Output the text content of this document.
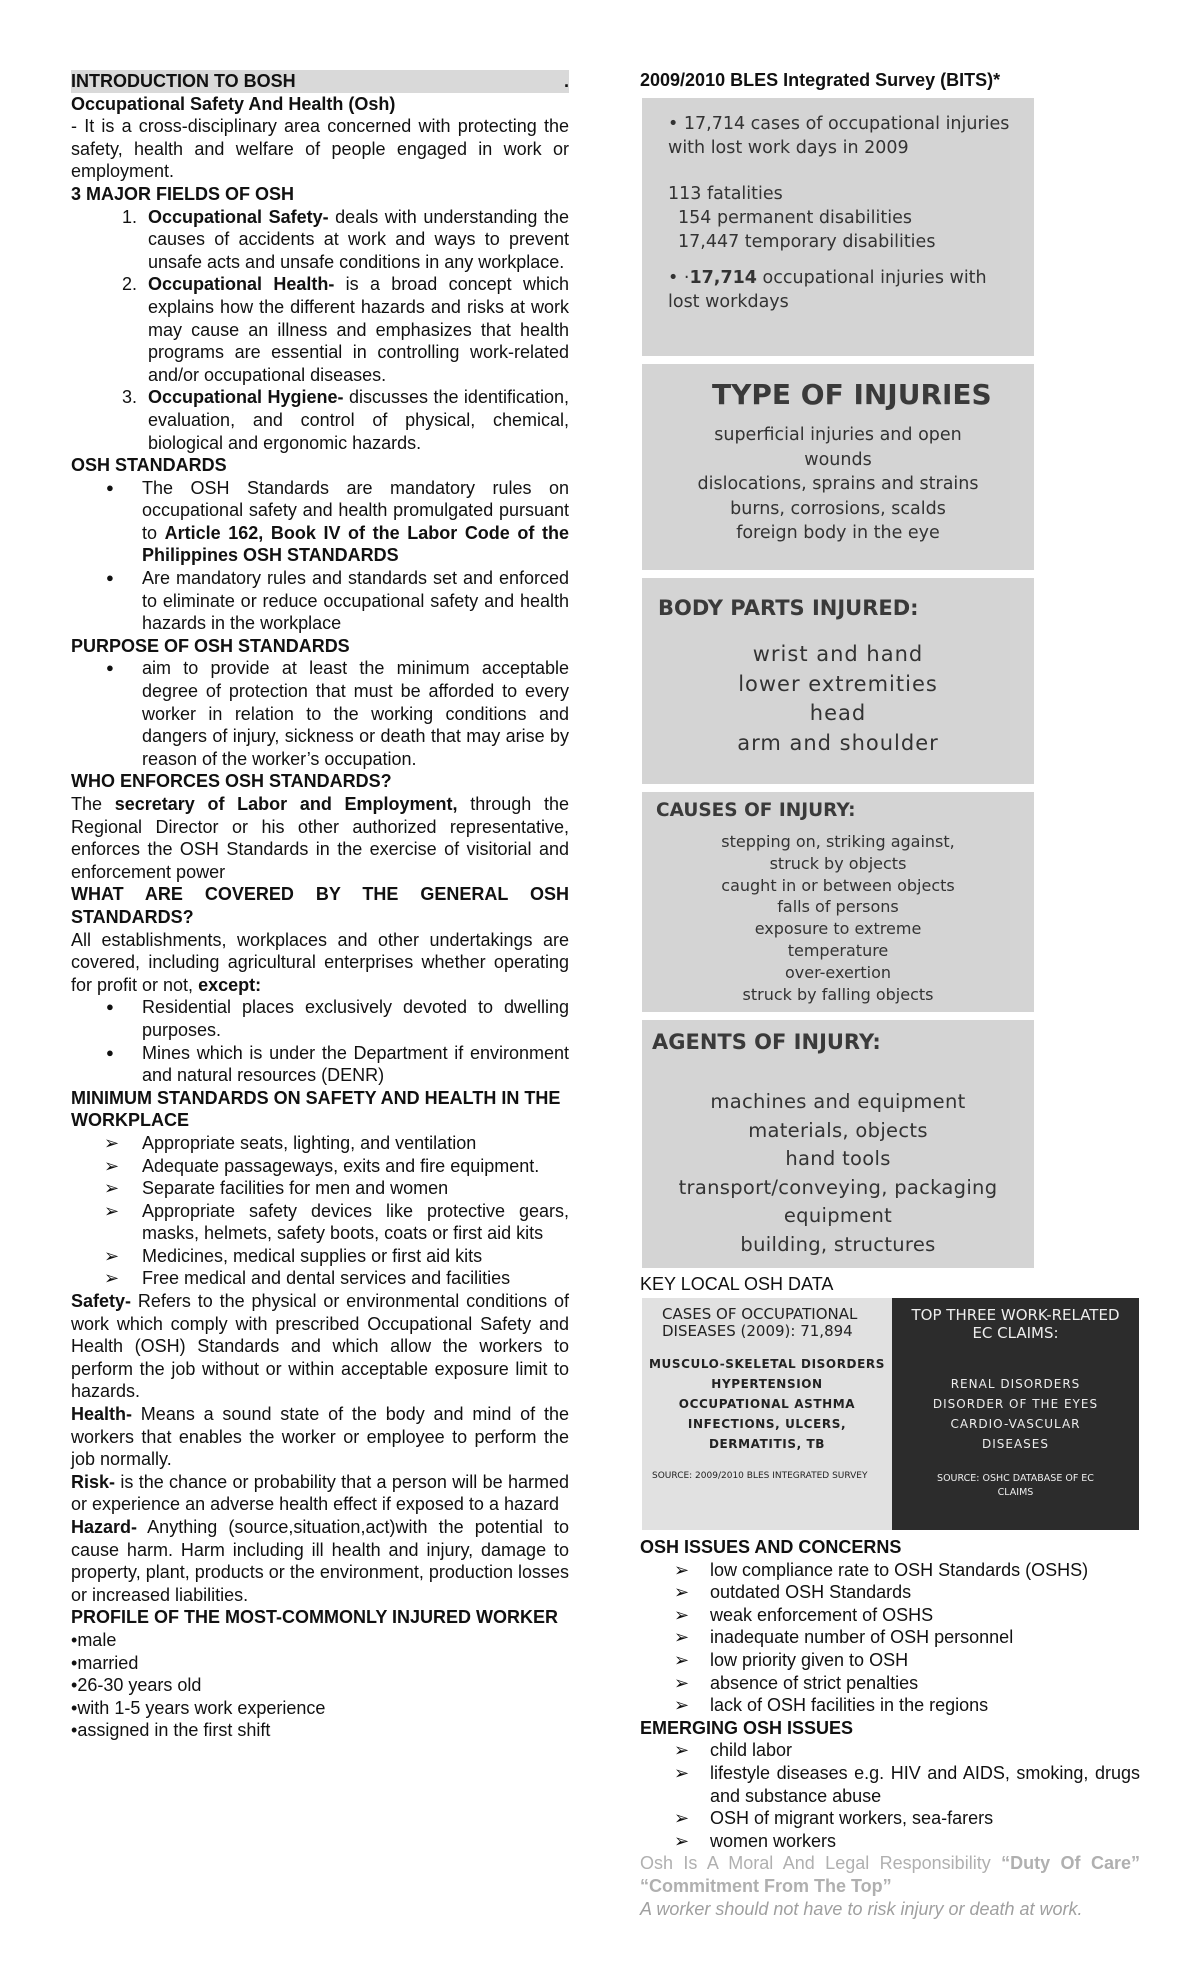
INTRODUCTION TO BOSH	.
Occupational Safety And Health (Osh)
- It is a cross-disciplinary area concerned with protecting the safety, health and welfare of people engaged in work or employment.
3 MAJOR FIELDS OF OSH
1. Occupational Safety- deals with understanding the causes of accidents at work and ways to prevent unsafe acts and unsafe conditions in any workplace.
2. Occupational Health- is a broad concept which explains how the different hazards and risks at work may cause an illness and emphasizes that health programs are essential in controlling work-related and/or occupational diseases.
3. Occupational Hygiene- discusses the identification, evaluation, and control of physical, chemical, biological and ergonomic hazards.
OSH STANDARDS
● The OSH Standards are mandatory rules on occupational safety and health promulgated pursuant to Article 162, Book IV of the Labor Code of the Philippines OSH STANDARDS
● Are mandatory rules and standards set and enforced to eliminate or reduce occupational safety and health hazards in the workplace
PURPOSE OF OSH STANDARDS
● aim to provide at least the minimum acceptable degree of protection that must be afforded to every worker in relation to the working conditions and dangers of injury, sickness or death that may arise by reason of the worker’s occupation.
WHO ENFORCES OSH STANDARDS?
The secretary of Labor and Employment, through the Regional Director or his other authorized representative, enforces the OSH Standards in the exercise of visitorial and enforcement power
WHAT ARE COVERED BY THE GENERAL OSH STANDARDS?
All establishments, workplaces and other undertakings are covered, including agricultural enterprises whether operating for profit or not, except:
● Residential places exclusively devoted to dwelling purposes.
● Mines which is under the Department if environment and natural resources (DENR)
MINIMUM STANDARDS ON SAFETY AND HEALTH IN THE WORKPLACE
➢ Appropriate seats, lighting, and ventilation
➢ Adequate passageways, exits and fire equipment.
➢ Separate facilities for men and women
➢ Appropriate safety devices like protective gears, masks, helmets, safety boots, coats or first aid kits
➢ Medicines, medical supplies or first aid kits
➢ Free medical and dental services and facilities
Safety- Refers to the physical or environmental conditions of work which comply with prescribed Occupational Safety and Health (OSH) Standards and which allow the workers to perform the job without or within acceptable exposure limit to hazards.
Health- Means a sound state of the body and mind of the workers that enables the worker or employee to perform the job normally.
Risk- is the chance or probability that a person will be harmed or experience an adverse health effect if exposed to a hazard
Hazard- Anything (source,situation,act)with the potential to cause harm. Harm including ill health and injury, damage to property, plant, products or the environment, production losses or increased liabilities.
PROFILE OF THE MOST-COMMONLY INJURED WORKER
• male
• married
• 26-30 years old
• with 1-5 years work experience
• assigned in the first shift
2009/2010 BLES Integrated Survey (BITS)*
• 17,714 cases of occupational injuries with lost work days in 2009
113 fatalities
154 permanent disabilities
17,447 temporary disabilities
• ·17,714 occupational injuries with lost workdays
TYPE OF INJURIES
superficial injuries and open wounds
dislocations, sprains and strains
burns, corrosions, scalds
foreign body in the eye
BODY PARTS INJURED:
wrist and hand
lower extremities
head
arm and shoulder
CAUSES OF INJURY:
stepping on, striking against,
struck by objects
caught in or between objects
falls of persons
exposure to extreme
temperature
over-exertion
struck by falling objects
AGENTS OF INJURY:
machines and equipment
materials, objects
hand tools
transport/conveying, packaging
equipment
building, structures
KEY LOCAL OSH DATA
CASES OF OCCUPATIONAL DISEASES (2009): 71,894
MUSCULO-SKELETAL DISORDERS
HYPERTENSION
OCCUPATIONAL ASTHMA
INFECTIONS, ULCERS,
DERMATITIS, TB
SOURCE: 2009/2010 BLES INTEGRATED SURVEY
TOP THREE WORK-RELATED EC CLAIMS:
RENAL DISORDERS
DISORDER OF THE EYES
CARDIO-VASCULAR DISEASES
SOURCE: OSHC DATABASE OF EC CLAIMS
OSH ISSUES AND CONCERNS
➢ low compliance rate to OSH Standards (OSHS)
➢ outdated OSH Standards
➢ weak enforcement of OSHS
➢ inadequate number of OSH personnel
➢ low priority given to OSH
➢ absence of strict penalties
➢ lack of OSH facilities in the regions
EMERGING OSH ISSUES
➢ child labor
➢ lifestyle diseases e.g. HIV and AIDS, smoking, drugs and substance abuse
➢ OSH of migrant workers, sea-farers
➢ women workers
Osh Is A Moral And Legal Responsibility “Duty Of Care” “Commitment From The Top”
A worker should not have to risk injury or death at work.
